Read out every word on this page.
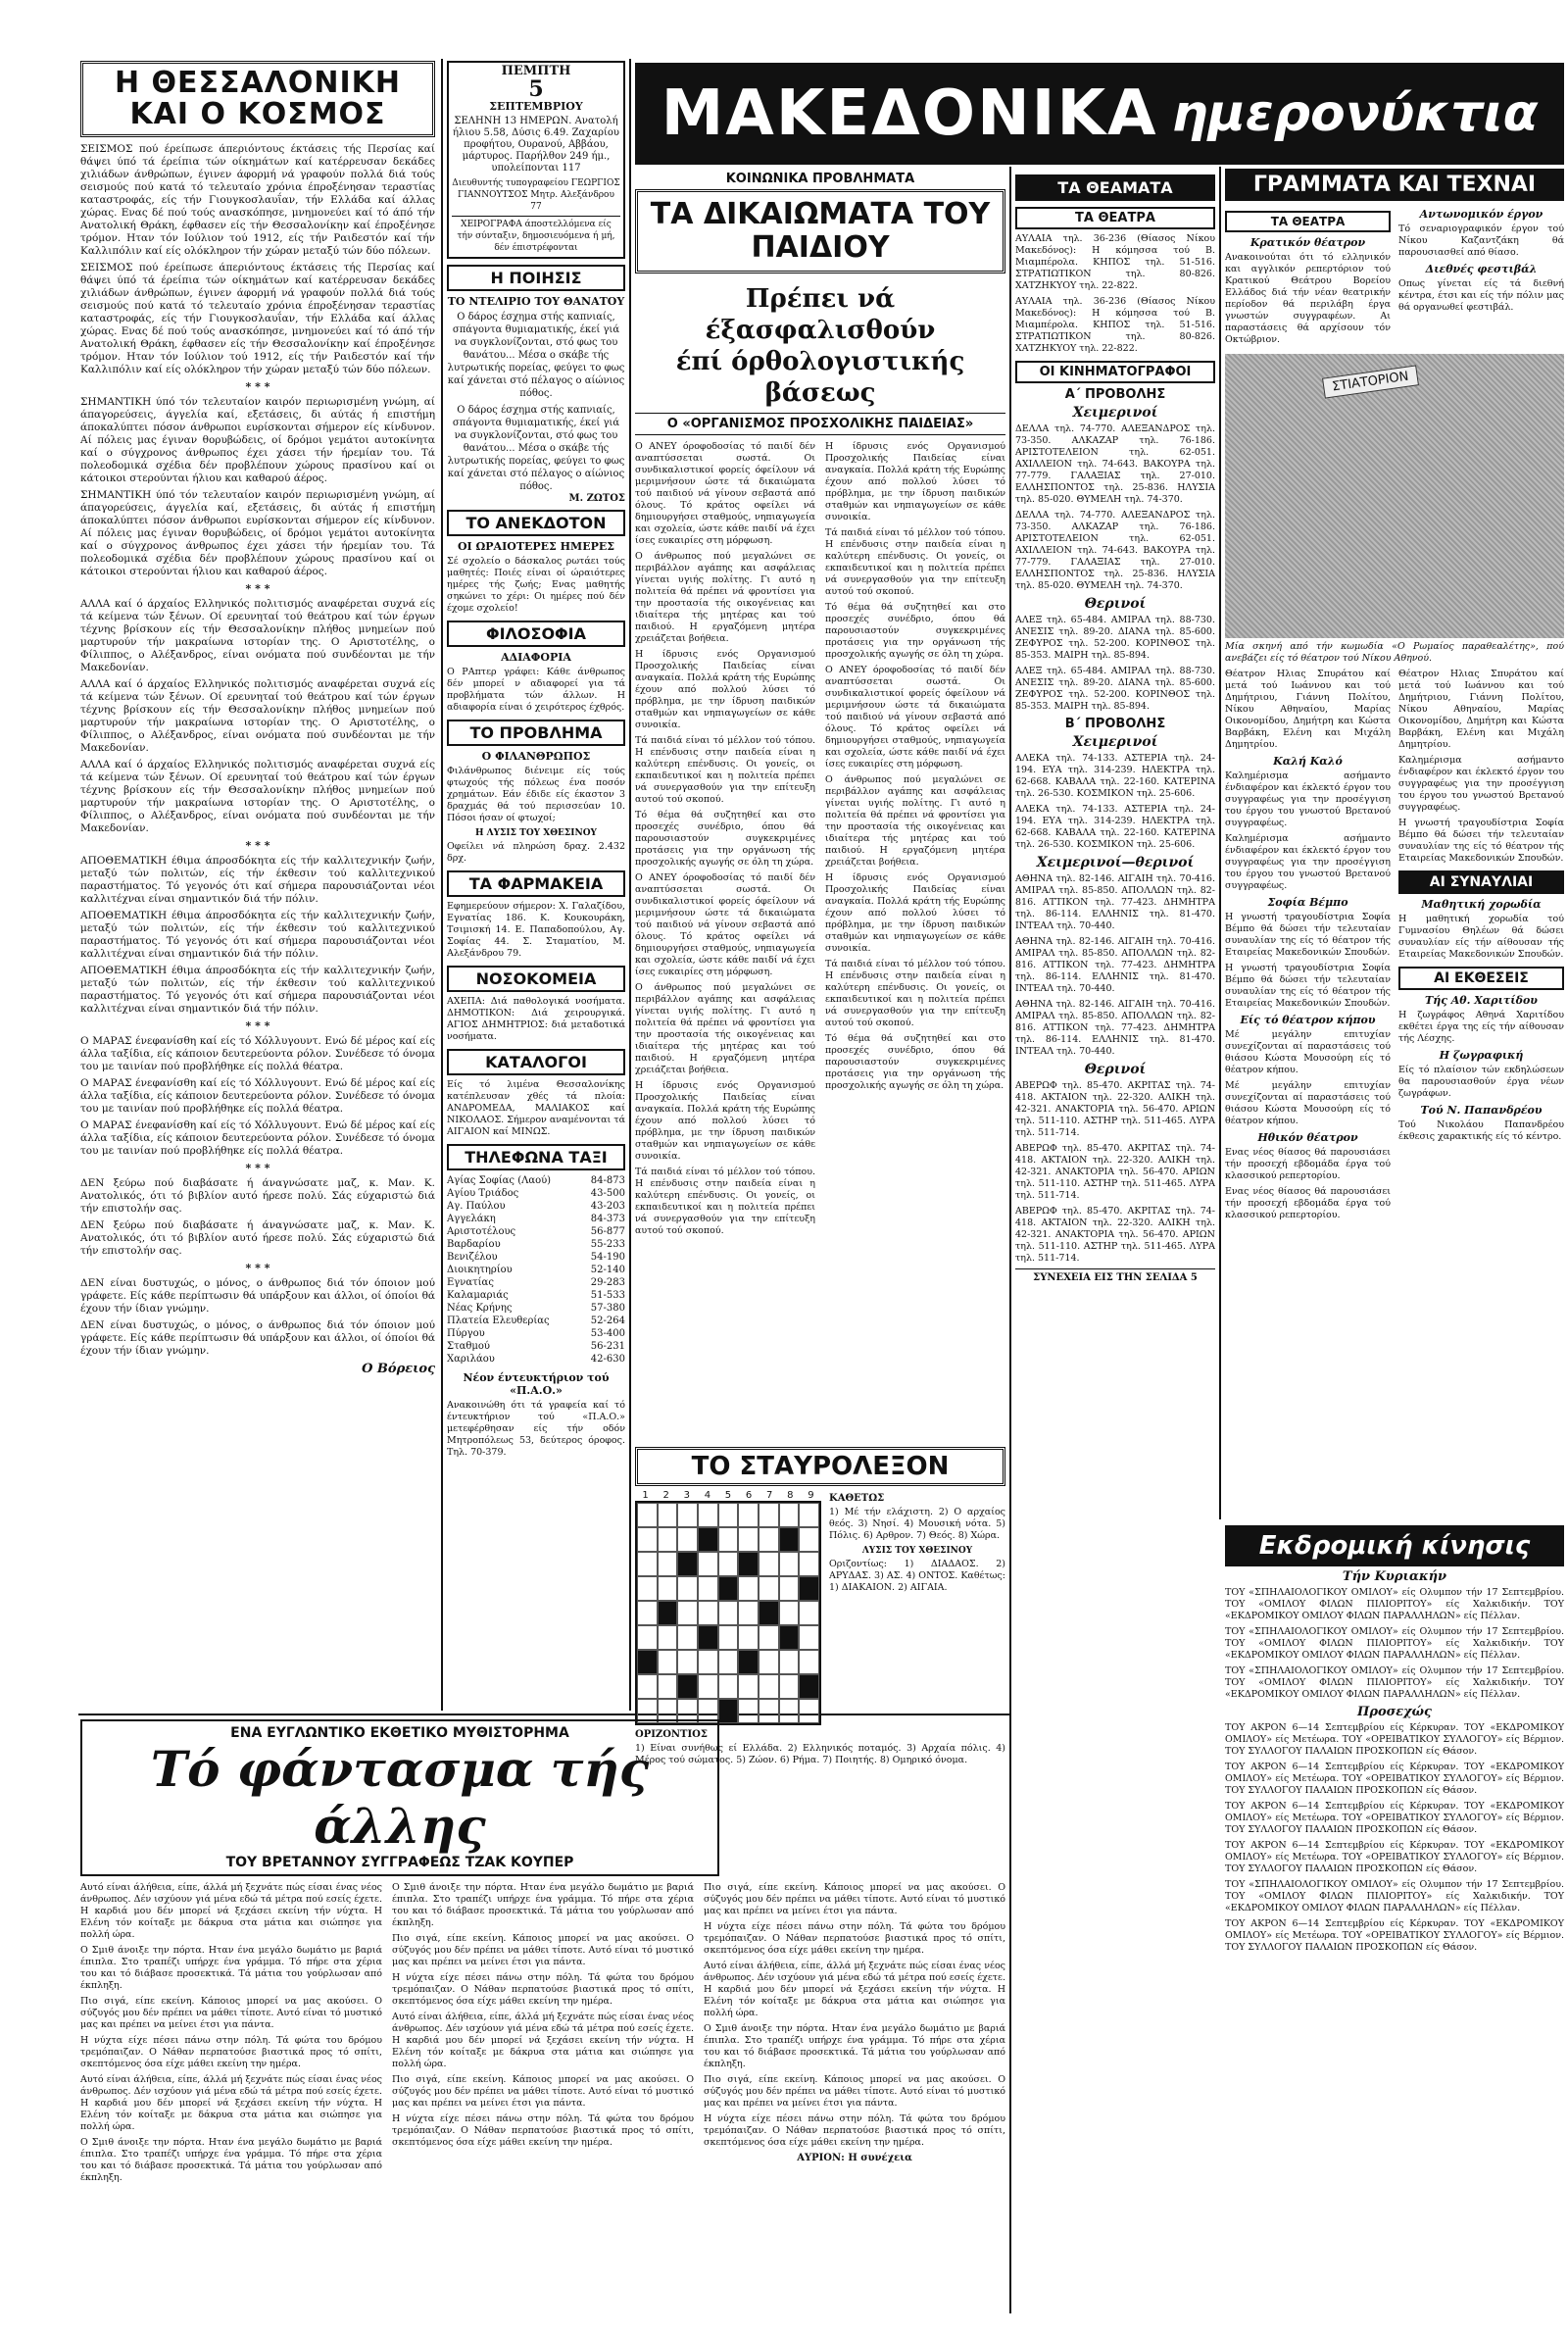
Η ΘΕΣΣΑΛΟΝΙΚΗ
ΚΑΙ Ο ΚΟΣΜΟΣ

ΣΕΙΣΜΟΣ πού έρείπωσε άπεριόντους έκτάσεις τής Περσίας καί θάψει ύπό τά έρείπια τών οίκημάτων καί κατέρρευσαν δεκάδες χιλιάδων άνθρώπων, έγινεν άφορμή νά γραφούν πολλά διά τούς σεισμούς πού κατά τό τελευταίο χρόνια έπροξένησαν τεραστίας καταστροφάς, είς τήν Γιουγκοσλαυΐαν, τήν Ελλάδα καί άλλας χώρας. Ενας δέ πού τούς ανασκόπησε, μνημονεύει καί τό άπό τήν Ανατολική Θράκη, έφθασεν είς τήν Θεσσαλονίκην καί έπροξένησε τρόμον. Ηταν τόν Ιούλιον τού 1912, είς τήν Ραιδεστόν καί τήν Καλλιπόλιν καί είς ολόκληρον τήν χώραν μεταξύ τών δύο πόλεων.

ΣΕΙΣΜΟΣ πού έρείπωσε άπεριόντους έκτάσεις τής Περσίας καί θάψει ύπό τά έρείπια τών οίκημάτων καί κατέρρευσαν δεκάδες χιλιάδων άνθρώπων, έγινεν άφορμή νά γραφούν πολλά διά τούς σεισμούς πού κατά τό τελευταίο χρόνια έπροξένησαν τεραστίας καταστροφάς, είς τήν Γιουγκοσλαυΐαν, τήν Ελλάδα καί άλλας χώρας. Ενας δέ πού τούς ανασκόπησε, μνημονεύει καί τό άπό τήν Ανατολική Θράκη, έφθασεν είς τήν Θεσσαλονίκην καί έπροξένησε τρόμον. Ηταν τόν Ιούλιον τού 1912, είς τήν Ραιδεστόν καί τήν Καλλιπόλιν καί είς ολόκληρον τήν χώραν μεταξύ τών δύο πόλεων.

* * *

ΣΗΜΑΝΤΙΚΗ ύπό τόν τελευταίον καιρόν περιωρισμένη γνώμη, αί άπαγορεύσεις, άγγελία καί, εξετάσεις, δι αύτάς ή επιστήμη άποκαλύπτει πόσον άνθρωποι ευρίσκονται σήμερον είς κίνδυνον. Αί πόλεις μας έγιναν θορυβώδεις, οί δρόμοι γεμάτοι αυτοκίνητα καί ο σύγχρονος άνθρωπος έχει χάσει τήν ήρεμίαν του. Τά πολεοδομικά σχέδια δέν προβλέπουν χώρους πρασίνου καί οι κάτοικοι στερούνται ήλιου και καθαρού άέρος.

ΣΗΜΑΝΤΙΚΗ ύπό τόν τελευταίον καιρόν περιωρισμένη γνώμη, αί άπαγορεύσεις, άγγελία καί, εξετάσεις, δι αύτάς ή επιστήμη άποκαλύπτει πόσον άνθρωποι ευρίσκονται σήμερον είς κίνδυνον. Αί πόλεις μας έγιναν θορυβώδεις, οί δρόμοι γεμάτοι αυτοκίνητα καί ο σύγχρονος άνθρωπος έχει χάσει τήν ήρεμίαν του. Τά πολεοδομικά σχέδια δέν προβλέπουν χώρους πρασίνου καί οι κάτοικοι στερούνται ήλιου και καθαρού άέρος.

* * *

ΑΛΛΑ καί ό άρχαίος Ελληνικός πολιτισμός αναφέρεται συχνά είς τά κείμενα τών ξένων. Οί ερευνηταί τού θεάτρου καί τών έργων τέχνης βρίσκουν είς τήν Θεσσαλονίκην πλήθος μνημείων πού μαρτυρούν τήν μακραίωνα ιστορίαν της. Ο Αριστοτέλης, ο Φίλιππος, ο Αλέξανδρος, είναι ονόματα πού συνδέονται με τήν Μακεδονίαν.

ΑΛΛΑ καί ό άρχαίος Ελληνικός πολιτισμός αναφέρεται συχνά είς τά κείμενα τών ξένων. Οί ερευνηταί τού θεάτρου καί τών έργων τέχνης βρίσκουν είς τήν Θεσσαλονίκην πλήθος μνημείων πού μαρτυρούν τήν μακραίωνα ιστορίαν της. Ο Αριστοτέλης, ο Φίλιππος, ο Αλέξανδρος, είναι ονόματα πού συνδέονται με τήν Μακεδονίαν.

ΑΛΛΑ καί ό άρχαίος Ελληνικός πολιτισμός αναφέρεται συχνά είς τά κείμενα τών ξένων. Οί ερευνηταί τού θεάτρου καί τών έργων τέχνης βρίσκουν είς τήν Θεσσαλονίκην πλήθος μνημείων πού μαρτυρούν τήν μακραίωνα ιστορίαν της. Ο Αριστοτέλης, ο Φίλιππος, ο Αλέξανδρος, είναι ονόματα πού συνδέονται με τήν Μακεδονίαν.

* * *

ΑΠΟΘΕΜΑΤΙΚΗ έθιμα άπροσδόκητα είς τήν καλλιτεχνικήν ζωήν, μεταξύ τών πολιτών, είς τήν έκθεσιν τού καλλιτεχνικού παραστήματος. Τό γεγονός ότι καί σήμερα παρουσιάζονται νέοι καλλιτέχναι είναι σημαντικόν διά τήν πόλιν.

ΑΠΟΘΕΜΑΤΙΚΗ έθιμα άπροσδόκητα είς τήν καλλιτεχνικήν ζωήν, μεταξύ τών πολιτών, είς τήν έκθεσιν τού καλλιτεχνικού παραστήματος. Τό γεγονός ότι καί σήμερα παρουσιάζονται νέοι καλλιτέχναι είναι σημαντικόν διά τήν πόλιν.

ΑΠΟΘΕΜΑΤΙΚΗ έθιμα άπροσδόκητα είς τήν καλλιτεχνικήν ζωήν, μεταξύ τών πολιτών, είς τήν έκθεσιν τού καλλιτεχνικού παραστήματος. Τό γεγονός ότι καί σήμερα παρουσιάζονται νέοι καλλιτέχναι είναι σημαντικόν διά τήν πόλιν.

* * *

Ο ΜΑΡΑΣ ένεφανίσθη καί είς τό Χόλλυγουντ. Ενώ δέ μέρος καί είς άλλα ταξίδια, είς κάποιον δευτερεύοντα ρόλον. Συνέδεσε τό όνομα του με ταινίαν πού προβλήθηκε είς πολλά θέατρα.

Ο ΜΑΡΑΣ ένεφανίσθη καί είς τό Χόλλυγουντ. Ενώ δέ μέρος καί είς άλλα ταξίδια, είς κάποιον δευτερεύοντα ρόλον. Συνέδεσε τό όνομα του με ταινίαν πού προβλήθηκε είς πολλά θέατρα.

Ο ΜΑΡΑΣ ένεφανίσθη καί είς τό Χόλλυγουντ. Ενώ δέ μέρος καί είς άλλα ταξίδια, είς κάποιον δευτερεύοντα ρόλον. Συνέδεσε τό όνομα του με ταινίαν πού προβλήθηκε είς πολλά θέατρα.

* * *

ΔΕΝ ξεύρω πού διαβάσατε ή άναγνώσατε μαζ, κ. Μαν. Κ. Ανατολικός, ότι τό βιβλίον αυτό ήρεσε πολύ. Σάς εύχαριστώ διά τήν επιστολήν σας.

ΔΕΝ ξεύρω πού διαβάσατε ή άναγνώσατε μαζ, κ. Μαν. Κ. Ανατολικός, ότι τό βιβλίον αυτό ήρεσε πολύ. Σάς εύχαριστώ διά τήν επιστολήν σας.

* * *

ΔΕΝ είναι δυστυχώς, ο μόνος, ο άνθρωπος διά τόν όποιον μού γράφετε. Είς κάθε περίπτωσιν θά υπάρξουν και άλλοι, οί όποίοι θά έχουν τήν ίδιαν γνώμην.

ΔΕΝ είναι δυστυχώς, ο μόνος, ο άνθρωπος διά τόν όποιον μού γράφετε. Είς κάθε περίπτωσιν θά υπάρξουν και άλλοι, οί όποίοι θά έχουν τήν ίδιαν γνώμην.

Ο Βόρειος
ΠΕΜΠΤΗ
5
ΣΕΠΤΕΜΒΡΙΟΥ
ΣΕΛΗΝΗ 13 ΗΜΕΡΩΝ. Ανατολή ήλιου 5.58, Δύσις 6.49. Ζαχαρίου προφήτου, Ουρανού, Αββάου, μάρτυρος. Παρήλθον 249 ήμ., υπολείπονται 117
Διευθυντής τυπογραφείου ΓΕΩΡΓΙΟΣ ΓΙΑΝΝΟΥΤΣΟΣ Μητρ. Αλεξάνδρου 77
ΧΕΙΡΟΓΡΑΦΑ άποστελλόμενα είς τήν σύνταξιν, δημοσιευόμενα ή μή, δέν έπιστρέφονται
Η ΠΟΙΗΣΙΣ
ΤΟ ΝΤΕΛΙΡΙΟ ΤΟΥ ΘΑΝΑΤΟΥ
Ο δάρος έσχημα στής καπνιαίς, σπάγοντα θυμιαματικής, έκεί γιά να συγκλονίζονται, στό φως του θανάτου... Μέσα ο σκάβε τής λυτρωτικής πορείας, φεύγει το φως καί χάνεται στό πέλαγος ο αίώνιος πόθος.
Ο δάρος έσχημα στής καπνιαίς, σπάγοντα θυμιαματικής, έκεί γιά να συγκλονίζονται, στό φως του θανάτου... Μέσα ο σκάβε τής λυτρωτικής πορείας, φεύγει το φως καί χάνεται στό πέλαγος ο αίώνιος πόθος.
Μ. ΖΩΤΟΣ
ΤΟ ΑΝΕΚΔΟΤΟΝ
ΟΙ ΩΡΑΙΟΤΕΡΕΣ ΗΜΕΡΕΣ

Σέ σχολείο ο δάσκαλος ρωτάει τούς μαθητές: Ποιές είναι οί ώραιότερες ημέρες τής ζωής; Ενας μαθητής σηκώνει το χέρι: Οι ημέρες πού δέν έχομε σχολείο!

ΦΙΛΟΣΟΦΙΑ
ΑΔΙΑΦΟΡΙΑ

Ο ΡΑπτερ γράφει: Κάθε άνθρωπος δέν μπορεί ν αδιαφορεί για τά προβλήματα τών άλλων. Η αδιαφορία είναι ό χειρότερος έχθρός.

ΤΟ ΠΡΟΒΛΗΜΑ
Ο ΦΙΛΑΝΘΡΩΠΟΣ

Φιλάνθρωπος διένειμε είς τούς φτωχούς τής πόλεως ένα ποσόν χρημάτων. Εάν έδιδε είς έκαστον 3 δραχμάς θά τού περισσεύαν 10. Πόσοι ήσαν οί φτωχοί;

Η ΛΥΣΙΣ ΤΟΥ ΧΘΕΣΙΝΟΥ

Οφείλει νά πληρώση δραχ. 2.432 δρχ.

ΤΑ ΦΑΡΜΑΚΕΙΑ

Εφημερεύουν σήμερον: Χ. Γαλαζίδου, Εγνατίας 186. Κ. Κουκουράκη, Τσιμισκή 14. Ε. Παπαδοπούλου, Αγ. Σοφίας 44. Σ. Σταματίου, Μ. Αλεξάνδρου 79.

ΝΟΣΟΚΟΜΕΙΑ

ΑΧΕΠΑ: Διά παθολογικά νοσήματα. ΔΗΜΟΤΙΚΟΝ: Διά χειρουργικά. ΑΓΙΟΣ ΔΗΜΗΤΡΙΟΣ: διά μεταδοτικά νοσήματα.

ΚΑΤΑΛΟΓΟΙ

Είς τό λιμένα Θεσσαλονίκης κατέπλευσαν χθές τά πλοία: ΑΝΔΡΟΜΕΔΑ, ΜΑΛΙΑΚΟΣ καί ΝΙΚΟΛΑΟΣ. Σήμερον αναμένονται τά ΑΙΓΑΙΟΝ καί ΜΙΝΩΣ.

ΤΗΛΕΦΩΝΑ ΤΑΞΙ
Αγίας Σοφίας (Λαού)	84-873
Αγίου Τριάδος	43-500
Αγ. Παύλου	43-203
Αγγελάκη	84-373
Αριστοτέλους	56-877
Βαρδαρίου	55-233
Βενιζέλου	54-190
Διοικητηρίου	52-140
Εγνατίας	29-283
Καλαμαριάς	51-533
Νέας Κρήνης	57-380
Πλατεία Ελευθερίας	52-264
Πύργου	53-400
Σταθμού	56-231
Χαριλάου	42-630
Νέον έντευκτήριον τού «Π.Α.Ο.»

Ανακοινώθη ότι τά γραφεία καί τό έντευκτήριον τού «Π.Α.Ο.» μετεφέρθησαν είς τήν οδόν Μητροπόλεως 53, δεύτερος όροφος. Τηλ. 70-379.

ΜΑΚΕΔΟΝΙΚΑ ημερονύκτια
ΚΟΙΝΩΝΙΚΑ ΠΡΟΒΛΗΜΑΤΑ
ΤΑ ΔΙΚΑΙΩΜΑΤΑ ΤΟΥ ΠΑΙΔΙΟΥ
Πρέπει νά έξασφαλισθούν
έπί όρθολογιστικής βάσεως
Ο «ΟΡΓΑΝΙΣΜΟΣ ΠΡΟΣΧΟΛΙΚΗΣ ΠΑΙΔΕΙΑΣ»

Ο ΑΝΕΥ όροφοδοσίας τό παιδί δέν αναπτύσσεται σωστά. Οι συνδικαλιστικοί φορείς όφείλουν νά μεριμνήσουν ώστε τά δικαιώματα τού παιδιού νά γίνουν σεβαστά από όλους. Τό κράτος οφείλει νά δημιουργήσει σταθμούς, νηπιαγωγεία και σχολεία, ώστε κάθε παιδί νά έχει ίσες ευκαιρίες στη μόρφωση.

Ο άνθρωπος πού μεγαλώνει σε περιβάλλον αγάπης και ασφάλειας γίνεται υγιής πολίτης. Γι αυτό η πολιτεία θά πρέπει νά φροντίσει για την προστασία τής οικογένειας και ιδιαίτερα τής μητέρας και τού παιδιού. Η εργαζόμενη μητέρα χρειάζεται βοήθεια.

Η ίδρυσις ενός Οργανισμού Προσχολικής Παιδείας είναι αναγκαία. Πολλά κράτη τής Ευρώπης έχουν από πολλού λύσει τό πρόβλημα, με την ίδρυση παιδικών σταθμών και νηπιαγωγείων σε κάθε συνοικία.

Τά παιδιά είναι τό μέλλον τού τόπου. Η επένδυσις στην παιδεία είναι η καλύτερη επένδυσις. Οι γονείς, οι εκπαιδευτικοί και η πολιτεία πρέπει νά συνεργασθούν για την επίτευξη αυτού τού σκοπού.

Τό θέμα θά συζητηθεί και στο προσεχές συνέδριο, όπου θά παρουσιαστούν συγκεκριμένες προτάσεις για την οργάνωση τής προσχολικής αγωγής σε όλη τη χώρα.

Ο ΑΝΕΥ όροφοδοσίας τό παιδί δέν αναπτύσσεται σωστά. Οι συνδικαλιστικοί φορείς όφείλουν νά μεριμνήσουν ώστε τά δικαιώματα τού παιδιού νά γίνουν σεβαστά από όλους. Τό κράτος οφείλει νά δημιουργήσει σταθμούς, νηπιαγωγεία και σχολεία, ώστε κάθε παιδί νά έχει ίσες ευκαιρίες στη μόρφωση.

Ο άνθρωπος πού μεγαλώνει σε περιβάλλον αγάπης και ασφάλειας γίνεται υγιής πολίτης. Γι αυτό η πολιτεία θά πρέπει νά φροντίσει για την προστασία τής οικογένειας και ιδιαίτερα τής μητέρας και τού παιδιού. Η εργαζόμενη μητέρα χρειάζεται βοήθεια.

Η ίδρυσις ενός Οργανισμού Προσχολικής Παιδείας είναι αναγκαία. Πολλά κράτη τής Ευρώπης έχουν από πολλού λύσει τό πρόβλημα, με την ίδρυση παιδικών σταθμών και νηπιαγωγείων σε κάθε συνοικία.

Τά παιδιά είναι τό μέλλον τού τόπου. Η επένδυσις στην παιδεία είναι η καλύτερη επένδυσις. Οι γονείς, οι εκπαιδευτικοί και η πολιτεία πρέπει νά συνεργασθούν για την επίτευξη αυτού τού σκοπού.

Η ίδρυσις ενός Οργανισμού Προσχολικής Παιδείας είναι αναγκαία. Πολλά κράτη τής Ευρώπης έχουν από πολλού λύσει τό πρόβλημα, με την ίδρυση παιδικών σταθμών και νηπιαγωγείων σε κάθε συνοικία.

Τά παιδιά είναι τό μέλλον τού τόπου. Η επένδυσις στην παιδεία είναι η καλύτερη επένδυσις. Οι γονείς, οι εκπαιδευτικοί και η πολιτεία πρέπει νά συνεργασθούν για την επίτευξη αυτού τού σκοπού.

Τό θέμα θά συζητηθεί και στο προσεχές συνέδριο, όπου θά παρουσιαστούν συγκεκριμένες προτάσεις για την οργάνωση τής προσχολικής αγωγής σε όλη τη χώρα.

Ο ΑΝΕΥ όροφοδοσίας τό παιδί δέν αναπτύσσεται σωστά. Οι συνδικαλιστικοί φορείς όφείλουν νά μεριμνήσουν ώστε τά δικαιώματα τού παιδιού νά γίνουν σεβαστά από όλους. Τό κράτος οφείλει νά δημιουργήσει σταθμούς, νηπιαγωγεία και σχολεία, ώστε κάθε παιδί νά έχει ίσες ευκαιρίες στη μόρφωση.

Ο άνθρωπος πού μεγαλώνει σε περιβάλλον αγάπης και ασφάλειας γίνεται υγιής πολίτης. Γι αυτό η πολιτεία θά πρέπει νά φροντίσει για την προστασία τής οικογένειας και ιδιαίτερα τής μητέρας και τού παιδιού. Η εργαζόμενη μητέρα χρειάζεται βοήθεια.

Η ίδρυσις ενός Οργανισμού Προσχολικής Παιδείας είναι αναγκαία. Πολλά κράτη τής Ευρώπης έχουν από πολλού λύσει τό πρόβλημα, με την ίδρυση παιδικών σταθμών και νηπιαγωγείων σε κάθε συνοικία.

Τά παιδιά είναι τό μέλλον τού τόπου. Η επένδυσις στην παιδεία είναι η καλύτερη επένδυσις. Οι γονείς, οι εκπαιδευτικοί και η πολιτεία πρέπει νά συνεργασθούν για την επίτευξη αυτού τού σκοπού.

Τό θέμα θά συζητηθεί και στο προσεχές συνέδριο, όπου θά παρουσιαστούν συγκεκριμένες προτάσεις για την οργάνωση τής προσχολικής αγωγής σε όλη τη χώρα.

ΤΟ ΣΤΑΥΡΟΛΕΞΟΝ
1	2	3	4	5	6	7	8	9	ΚΑΘΕΤΩΣ

1) Μέ τήν ελάχιστη. 2) Ο αρχαίος θεός. 3) Νησί. 4) Μουσική νότα. 5) Πόλις. 6) Αρθρον. 7) Θεός. 8) Χώρα.

ΛΥΣΙΣ ΤΟΥ ΧΘΕΣΙΝΟΥ

Οριζοντίως: 1) ΔΙΑΔΑΟΣ. 2) ΑΡΥΔΑΣ. 3) ΑΣ. 4) ΟΝΤΟΣ. Καθέτως: 1) ΔΙΑΚΑΙΟΝ. 2) ΑΙΓΑΙΑ.

ΟΡΙΖΟΝΤΙΟΣ

1) Είναι συνήθως εί Ελλάδα. 2) Ελληνικός ποταμός. 3) Αρχαία πόλις. 4) Μέρος τού σώματος. 5) Ζώον. 6) Ρήμα. 7) Ποιητής. 8) Ομηρικό όνομα.

ΤΑ ΘΕΑΜΑΤΑ
ΤΑ ΘΕΑΤΡΑ

ΑΥΛΑΙΑ τηλ. 36-236 (Θίασος Νίκου Μακεδόνος): Η κόμησσα τού Β. Μιαμπέρολα. ΚΗΠΟΣ τηλ. 51-516. ΣΤΡΑΤΙΩΤΙΚΟΝ τηλ. 80-826. ΧΑΤΖΗΚΥΟΥ τηλ. 22-822.

ΑΥΛΑΙΑ τηλ. 36-236 (Θίασος Νίκου Μακεδόνος): Η κόμησσα τού Β. Μιαμπέρολα. ΚΗΠΟΣ τηλ. 51-516. ΣΤΡΑΤΙΩΤΙΚΟΝ τηλ. 80-826. ΧΑΤΖΗΚΥΟΥ τηλ. 22-822.

ΟΙ ΚΙΝΗΜΑΤΟΓΡΑΦΟΙ
Α΄ ΠΡΟΒΟΛΗΣ
Χειμερινοί

ΔΕΛΛΑ τηλ. 74-770. ΑΛΕΞΑΝΔΡΟΣ τηλ. 73-350. ΑΛΚΑΖΑΡ τηλ. 76-186. ΑΡΙΣΤΟΤΕΛΕΙΟΝ τηλ. 62-051. ΑΧΙΛΛΕΙΟΝ τηλ. 74-643. ΒΑΚΟΥΡΑ τηλ. 77-779. ΓΑΛΑΞΙΑΣ τηλ. 27-010. ΕΛΛΗΣΠΟΝΤΟΣ τηλ. 25-836. ΗΛΥΣΙΑ τηλ. 85-020. ΘΥΜΕΛΗ τηλ. 74-370.

ΔΕΛΛΑ τηλ. 74-770. ΑΛΕΞΑΝΔΡΟΣ τηλ. 73-350. ΑΛΚΑΖΑΡ τηλ. 76-186. ΑΡΙΣΤΟΤΕΛΕΙΟΝ τηλ. 62-051. ΑΧΙΛΛΕΙΟΝ τηλ. 74-643. ΒΑΚΟΥΡΑ τηλ. 77-779. ΓΑΛΑΞΙΑΣ τηλ. 27-010. ΕΛΛΗΣΠΟΝΤΟΣ τηλ. 25-836. ΗΛΥΣΙΑ τηλ. 85-020. ΘΥΜΕΛΗ τηλ. 74-370.

Θερινοί

ΑΛΕΞ τηλ. 65-484. ΑΜΙΡΑΛ τηλ. 88-730. ΑΝΕΣΙΣ τηλ. 89-20. ΔΙΑΝΑ τηλ. 85-600. ΖΕΦΥΡΟΣ τηλ. 52-200. ΚΟΡΙΝΘΟΣ τηλ. 85-353. ΜΑΙΡΗ τηλ. 85-894.

ΑΛΕΞ τηλ. 65-484. ΑΜΙΡΑΛ τηλ. 88-730. ΑΝΕΣΙΣ τηλ. 89-20. ΔΙΑΝΑ τηλ. 85-600. ΖΕΦΥΡΟΣ τηλ. 52-200. ΚΟΡΙΝΘΟΣ τηλ. 85-353. ΜΑΙΡΗ τηλ. 85-894.

Β΄ ΠΡΟΒΟΛΗΣ
Χειμερινοί

ΑΛΕΚΑ τηλ. 74-133. ΑΣΤΕΡΙΑ τηλ. 24-194. ΕΥΑ τηλ. 314-239. ΗΛΕΚΤΡΑ τηλ. 62-668. ΚΑΒΑΛΑ τηλ. 22-160. ΚΑΤΕΡΙΝΑ τηλ. 26-530. ΚΟΣΜΙΚΟΝ τηλ. 25-606.

ΑΛΕΚΑ τηλ. 74-133. ΑΣΤΕΡΙΑ τηλ. 24-194. ΕΥΑ τηλ. 314-239. ΗΛΕΚΤΡΑ τηλ. 62-668. ΚΑΒΑΛΑ τηλ. 22-160. ΚΑΤΕΡΙΝΑ τηλ. 26-530. ΚΟΣΜΙΚΟΝ τηλ. 25-606.

Χειμερινοί—θερινοί

ΑΘΗΝΑ τηλ. 82-146. ΑΙΓΑΙΗ τηλ. 70-416. ΑΜΙΡΑΛ τηλ. 85-850. ΑΠΟΛΛΩΝ τηλ. 82-816. ΑΤΤΙΚΟΝ τηλ. 77-423. ΔΗΜΗΤΡΑ τηλ. 86-114. ΕΛΛΗΝΙΣ τηλ. 81-470. ΙΝΤΕΑΛ τηλ. 70-440.

ΑΘΗΝΑ τηλ. 82-146. ΑΙΓΑΙΗ τηλ. 70-416. ΑΜΙΡΑΛ τηλ. 85-850. ΑΠΟΛΛΩΝ τηλ. 82-816. ΑΤΤΙΚΟΝ τηλ. 77-423. ΔΗΜΗΤΡΑ τηλ. 86-114. ΕΛΛΗΝΙΣ τηλ. 81-470. ΙΝΤΕΑΛ τηλ. 70-440.

ΑΘΗΝΑ τηλ. 82-146. ΑΙΓΑΙΗ τηλ. 70-416. ΑΜΙΡΑΛ τηλ. 85-850. ΑΠΟΛΛΩΝ τηλ. 82-816. ΑΤΤΙΚΟΝ τηλ. 77-423. ΔΗΜΗΤΡΑ τηλ. 86-114. ΕΛΛΗΝΙΣ τηλ. 81-470. ΙΝΤΕΑΛ τηλ. 70-440.

Θερινοί

ΑΒΕΡΩΦ τηλ. 85-470. ΑΚΡΙΤΑΣ τηλ. 74-418. ΑΚΤΑΙΟΝ τηλ. 22-320. ΑΛΙΚΗ τηλ. 42-321. ΑΝΑΚΤΟΡΙΑ τηλ. 56-470. ΑΡΙΩΝ τηλ. 511-110. ΑΣΤΗΡ τηλ. 511-465. ΛΥΡΑ τηλ. 511-714.

ΑΒΕΡΩΦ τηλ. 85-470. ΑΚΡΙΤΑΣ τηλ. 74-418. ΑΚΤΑΙΟΝ τηλ. 22-320. ΑΛΙΚΗ τηλ. 42-321. ΑΝΑΚΤΟΡΙΑ τηλ. 56-470. ΑΡΙΩΝ τηλ. 511-110. ΑΣΤΗΡ τηλ. 511-465. ΛΥΡΑ τηλ. 511-714.

ΑΒΕΡΩΦ τηλ. 85-470. ΑΚΡΙΤΑΣ τηλ. 74-418. ΑΚΤΑΙΟΝ τηλ. 22-320. ΑΛΙΚΗ τηλ. 42-321. ΑΝΑΚΤΟΡΙΑ τηλ. 56-470. ΑΡΙΩΝ τηλ. 511-110. ΑΣΤΗΡ τηλ. 511-465. ΛΥΡΑ τηλ. 511-714.

ΣΥΝΕΧΕΙΑ ΕΙΣ ΤΗΝ ΣΕΛΙΔΑ 5
ΓΡΑΜΜΑΤΑ ΚΑΙ ΤΕΧΝΑΙ
ΤΑ ΘΕΑΤΡΑ
Κρατικόν θέατρον

Ανακοινούται ότι τό ελληνικόν και αγγλικόν ρεπερτόριον τού Κρατικού Θεάτρου Βορείου Ελλάδος διά τήν νέαν θεατρικήν περίοδον θά περιλάβη έργα γνωστών συγγραφέων. Αι παραστάσεις θά αρχίσουν τόν Οκτώβριον.

Αντωνομικόν έργον

Τό σεναριογραφικόν έργον τού Νίκου Καζαντζάκη θά παρουσιασθεί από θίασο.

Διεθνές φεστιβάλ

Οπως γίνεται είς τά διεθνή κέντρα, έτσι και είς τήν πόλιν μας θά οργανωθεί φεστιβάλ.

ΣΤΙΑΤΟΡΙΟΝ

Μία σκηνή από τήν κωμωδία «Ο Ρωμαίος παραθεαλέτης», πού ανεβάζει είς τό θέατρον τού Νίκου Αθηνού.

Θέατρον Ηλιας Σπυράτου καί μετά τού Ιωάννου και τού Δημήτριου, Γιάννη Πολίτου, Νίκου Αθηναίου, Μαρίας Οικονομίδου, Δημήτρη και Κώστα Βαρβάκη, Ελένη και Μιχάλη Δημητρίου.

Καλή Καλό

Καλημέρισμα ασήμαντο ένδιαφέρον και έκλεκτό έργον του συγγραφέως για την προσέγγιση του έργου του γνωστού Βρετανού συγγραφέως.

Καλημέρισμα ασήμαντο ένδιαφέρον και έκλεκτό έργον του συγγραφέως για την προσέγγιση του έργου του γνωστού Βρετανού συγγραφέως.

Σοφία Βέμπο

Η γνωστή τραγουδίστρια Σοφία Βέμπο θά δώσει τήν τελευταίαν συναυλίαν της είς τό θέατρον τής Εταιρείας Μακεδονικών Σπουδών.

Η γνωστή τραγουδίστρια Σοφία Βέμπο θά δώσει τήν τελευταίαν συναυλίαν της είς τό θέατρον τής Εταιρείας Μακεδονικών Σπουδών.

Είς τό θέατρον κήπου

Μέ μεγάλην επιτυχίαν συνεχίζονται αί παραστάσεις τού θιάσου Κώστα Μουσούρη είς τό θέατρον κήπου.

Μέ μεγάλην επιτυχίαν συνεχίζονται αί παραστάσεις τού θιάσου Κώστα Μουσούρη είς τό θέατρον κήπου.

Ηθικόν θέατρον

Ενας νέος θίασος θά παρουσιάσει τήν προσεχή εβδομάδα έργα τού κλασσικού ρεπερτορίου.

Ενας νέος θίασος θά παρουσιάσει τήν προσεχή εβδομάδα έργα τού κλασσικού ρεπερτορίου.

Θέατρον Ηλιας Σπυράτου καί μετά τού Ιωάννου και τού Δημήτριου, Γιάννη Πολίτου, Νίκου Αθηναίου, Μαρίας Οικονομίδου, Δημήτρη και Κώστα Βαρβάκη, Ελένη και Μιχάλη Δημητρίου.

Καλημέρισμα ασήμαντο ένδιαφέρον και έκλεκτό έργον του συγγραφέως για την προσέγγιση του έργου του γνωστού Βρετανού συγγραφέως.

Η γνωστή τραγουδίστρια Σοφία Βέμπο θά δώσει τήν τελευταίαν συναυλίαν της είς τό θέατρον τής Εταιρείας Μακεδονικών Σπουδών.

ΑΙ ΣΥΝΑΥΛΙΑΙ
Μαθητική χορωδία

Η μαθητική χορωδία τού Γυμνασίου Θηλέων θά δώσει συναυλίαν είς τήν αίθουσαν τής Εταιρείας Μακεδονικών Σπουδών.

ΑΙ ΕΚΘΕΣΕΙΣ
Τής Αθ. Χαριτίδου

Η ζωγράφος Αθηνά Χαριτίδου εκθέτει έργα της είς τήν αίθουσαν τής Λέσχης.

Η ζωγραφική

Είς τό πλαίσιον τών εκδηλώσεων θα παρουσιασθούν έργα νέων ζωγράφων.

Τού Ν. Παπανδρέου

Τού Νικολάου Παπανδρέου έκθεσις χαρακτικής είς τό κέντρο.

Εκδρομική κίνησις
Τήν Κυριακήν

ΤΟΥ «ΣΠΗΛΑΙΟΛΟΓΙΚΟΥ ΟΜΙΛΟΥ» είς Ολυμπον τήν 17 Σεπτεμβρίου. ΤΟΥ «ΟΜΙΛΟΥ ΦΙΛΩΝ ΠΙΛΙΟΡΙΤΟΥ» είς Χαλκιδικήν. ΤΟΥ «ΕΚΔΡΟΜΙΚΟΥ ΟΜΙΛΟΥ ΦΙΛΩΝ ΠΑΡΑΛΛΗΛΩΝ» είς Πέλλαν.

ΤΟΥ «ΣΠΗΛΑΙΟΛΟΓΙΚΟΥ ΟΜΙΛΟΥ» είς Ολυμπον τήν 17 Σεπτεμβρίου. ΤΟΥ «ΟΜΙΛΟΥ ΦΙΛΩΝ ΠΙΛΙΟΡΙΤΟΥ» είς Χαλκιδικήν. ΤΟΥ «ΕΚΔΡΟΜΙΚΟΥ ΟΜΙΛΟΥ ΦΙΛΩΝ ΠΑΡΑΛΛΗΛΩΝ» είς Πέλλαν.

ΤΟΥ «ΣΠΗΛΑΙΟΛΟΓΙΚΟΥ ΟΜΙΛΟΥ» είς Ολυμπον τήν 17 Σεπτεμβρίου. ΤΟΥ «ΟΜΙΛΟΥ ΦΙΛΩΝ ΠΙΛΙΟΡΙΤΟΥ» είς Χαλκιδικήν. ΤΟΥ «ΕΚΔΡΟΜΙΚΟΥ ΟΜΙΛΟΥ ΦΙΛΩΝ ΠΑΡΑΛΛΗΛΩΝ» είς Πέλλαν.

Προσεχώς

ΤΟΥ ΑΚΡΟΝ 6—14 Σεπτεμβρίου είς Κέρκυραν. ΤΟΥ «ΕΚΔΡΟΜΙΚΟΥ ΟΜΙΛΟΥ» είς Μετέωρα. ΤΟΥ «ΟΡΕΙΒΑΤΙΚΟΥ ΣΥΛΛΟΓΟΥ» είς Βέρμιον. ΤΟΥ ΣΥΛΛΟΓΟΥ ΠΑΛΑΙΩΝ ΠΡΟΣΚΟΠΩΝ είς Θάσον.

ΤΟΥ ΑΚΡΟΝ 6—14 Σεπτεμβρίου είς Κέρκυραν. ΤΟΥ «ΕΚΔΡΟΜΙΚΟΥ ΟΜΙΛΟΥ» είς Μετέωρα. ΤΟΥ «ΟΡΕΙΒΑΤΙΚΟΥ ΣΥΛΛΟΓΟΥ» είς Βέρμιον. ΤΟΥ ΣΥΛΛΟΓΟΥ ΠΑΛΑΙΩΝ ΠΡΟΣΚΟΠΩΝ είς Θάσον.

ΤΟΥ ΑΚΡΟΝ 6—14 Σεπτεμβρίου είς Κέρκυραν. ΤΟΥ «ΕΚΔΡΟΜΙΚΟΥ ΟΜΙΛΟΥ» είς Μετέωρα. ΤΟΥ «ΟΡΕΙΒΑΤΙΚΟΥ ΣΥΛΛΟΓΟΥ» είς Βέρμιον. ΤΟΥ ΣΥΛΛΟΓΟΥ ΠΑΛΑΙΩΝ ΠΡΟΣΚΟΠΩΝ είς Θάσον.

ΤΟΥ ΑΚΡΟΝ 6—14 Σεπτεμβρίου είς Κέρκυραν. ΤΟΥ «ΕΚΔΡΟΜΙΚΟΥ ΟΜΙΛΟΥ» είς Μετέωρα. ΤΟΥ «ΟΡΕΙΒΑΤΙΚΟΥ ΣΥΛΛΟΓΟΥ» είς Βέρμιον. ΤΟΥ ΣΥΛΛΟΓΟΥ ΠΑΛΑΙΩΝ ΠΡΟΣΚΟΠΩΝ είς Θάσον.

ΤΟΥ «ΣΠΗΛΑΙΟΛΟΓΙΚΟΥ ΟΜΙΛΟΥ» είς Ολυμπον τήν 17 Σεπτεμβρίου. ΤΟΥ «ΟΜΙΛΟΥ ΦΙΛΩΝ ΠΙΛΙΟΡΙΤΟΥ» είς Χαλκιδικήν. ΤΟΥ «ΕΚΔΡΟΜΙΚΟΥ ΟΜΙΛΟΥ ΦΙΛΩΝ ΠΑΡΑΛΛΗΛΩΝ» είς Πέλλαν.

ΤΟΥ ΑΚΡΟΝ 6—14 Σεπτεμβρίου είς Κέρκυραν. ΤΟΥ «ΕΚΔΡΟΜΙΚΟΥ ΟΜΙΛΟΥ» είς Μετέωρα. ΤΟΥ «ΟΡΕΙΒΑΤΙΚΟΥ ΣΥΛΛΟΓΟΥ» είς Βέρμιον. ΤΟΥ ΣΥΛΛΟΓΟΥ ΠΑΛΑΙΩΝ ΠΡΟΣΚΟΠΩΝ είς Θάσον.

ΕΝΑ ΕΥΓΛΩΝΤΙΚΟ ΕΚΘΕΤΙΚΟ ΜΥΘΙΣΤΟΡΗΜΑ
Τό φάντασμα τής άλλης
ΤΟΥ ΒΡΕΤΑΝΝΟΥ ΣΥΓΓΡΑΦΕΩΣ ΤΖΑΚ ΚΟΥΠΕΡ

Αυτό είναι άλήθεια, είπε, άλλά μή ξεχνάτε πώς είσαι ένας νέος άνθρωπος. Δέν ισχύουν γιά μένα εδώ τά μέτρα πού εσείς έχετε. Η καρδιά μου δέν μπορεί νά ξεχάσει εκείνη τήν νύχτα. Η Ελένη τόν κοίταξε με δάκρυα στα μάτια και σιώπησε για πολλή ώρα.

Ο Σμιθ άνοιξε την πόρτα. Ηταν ένα μεγάλο δωμάτιο με βαριά έπιπλα. Στο τραπέζι υπήρχε ένα γράμμα. Τό πήρε στα χέρια του και τό διάβασε προσεκτικά. Τά μάτια του γούρλωσαν από έκπληξη.

Πιο σιγά, είπε εκείνη. Κάποιος μπορεί να μας ακούσει. Ο σύζυγός μου δέν πρέπει να μάθει τίποτε. Αυτό είναι τό μυστικό μας και πρέπει να μείνει έτσι για πάντα.

Η νύχτα είχε πέσει πάνω στην πόλη. Τά φώτα του δρόμου τρεμόπαιζαν. Ο Νάθαν περπατούσε βιαστικά προς τό σπίτι, σκεπτόμενος όσα είχε μάθει εκείνη την ημέρα.

Αυτό είναι άλήθεια, είπε, άλλά μή ξεχνάτε πώς είσαι ένας νέος άνθρωπος. Δέν ισχύουν γιά μένα εδώ τά μέτρα πού εσείς έχετε. Η καρδιά μου δέν μπορεί νά ξεχάσει εκείνη τήν νύχτα. Η Ελένη τόν κοίταξε με δάκρυα στα μάτια και σιώπησε για πολλή ώρα.

Ο Σμιθ άνοιξε την πόρτα. Ηταν ένα μεγάλο δωμάτιο με βαριά έπιπλα. Στο τραπέζι υπήρχε ένα γράμμα. Τό πήρε στα χέρια του και τό διάβασε προσεκτικά. Τά μάτια του γούρλωσαν από έκπληξη.

Ο Σμιθ άνοιξε την πόρτα. Ηταν ένα μεγάλο δωμάτιο με βαριά έπιπλα. Στο τραπέζι υπήρχε ένα γράμμα. Τό πήρε στα χέρια του και τό διάβασε προσεκτικά. Τά μάτια του γούρλωσαν από έκπληξη.

Πιο σιγά, είπε εκείνη. Κάποιος μπορεί να μας ακούσει. Ο σύζυγός μου δέν πρέπει να μάθει τίποτε. Αυτό είναι τό μυστικό μας και πρέπει να μείνει έτσι για πάντα.

Η νύχτα είχε πέσει πάνω στην πόλη. Τά φώτα του δρόμου τρεμόπαιζαν. Ο Νάθαν περπατούσε βιαστικά προς τό σπίτι, σκεπτόμενος όσα είχε μάθει εκείνη την ημέρα.

Αυτό είναι άλήθεια, είπε, άλλά μή ξεχνάτε πώς είσαι ένας νέος άνθρωπος. Δέν ισχύουν γιά μένα εδώ τά μέτρα πού εσείς έχετε. Η καρδιά μου δέν μπορεί νά ξεχάσει εκείνη τήν νύχτα. Η Ελένη τόν κοίταξε με δάκρυα στα μάτια και σιώπησε για πολλή ώρα.

Πιο σιγά, είπε εκείνη. Κάποιος μπορεί να μας ακούσει. Ο σύζυγός μου δέν πρέπει να μάθει τίποτε. Αυτό είναι τό μυστικό μας και πρέπει να μείνει έτσι για πάντα.

Η νύχτα είχε πέσει πάνω στην πόλη. Τά φώτα του δρόμου τρεμόπαιζαν. Ο Νάθαν περπατούσε βιαστικά προς τό σπίτι, σκεπτόμενος όσα είχε μάθει εκείνη την ημέρα.

Πιο σιγά, είπε εκείνη. Κάποιος μπορεί να μας ακούσει. Ο σύζυγός μου δέν πρέπει να μάθει τίποτε. Αυτό είναι τό μυστικό μας και πρέπει να μείνει έτσι για πάντα.

Η νύχτα είχε πέσει πάνω στην πόλη. Τά φώτα του δρόμου τρεμόπαιζαν. Ο Νάθαν περπατούσε βιαστικά προς τό σπίτι, σκεπτόμενος όσα είχε μάθει εκείνη την ημέρα.

Αυτό είναι άλήθεια, είπε, άλλά μή ξεχνάτε πώς είσαι ένας νέος άνθρωπος. Δέν ισχύουν γιά μένα εδώ τά μέτρα πού εσείς έχετε. Η καρδιά μου δέν μπορεί νά ξεχάσει εκείνη τήν νύχτα. Η Ελένη τόν κοίταξε με δάκρυα στα μάτια και σιώπησε για πολλή ώρα.

Ο Σμιθ άνοιξε την πόρτα. Ηταν ένα μεγάλο δωμάτιο με βαριά έπιπλα. Στο τραπέζι υπήρχε ένα γράμμα. Τό πήρε στα χέρια του και τό διάβασε προσεκτικά. Τά μάτια του γούρλωσαν από έκπληξη.

Πιο σιγά, είπε εκείνη. Κάποιος μπορεί να μας ακούσει. Ο σύζυγός μου δέν πρέπει να μάθει τίποτε. Αυτό είναι τό μυστικό μας και πρέπει να μείνει έτσι για πάντα.

Η νύχτα είχε πέσει πάνω στην πόλη. Τά φώτα του δρόμου τρεμόπαιζαν. Ο Νάθαν περπατούσε βιαστικά προς τό σπίτι, σκεπτόμενος όσα είχε μάθει εκείνη την ημέρα.

ΑΥΡΙΟΝ: Η συνέχεια
